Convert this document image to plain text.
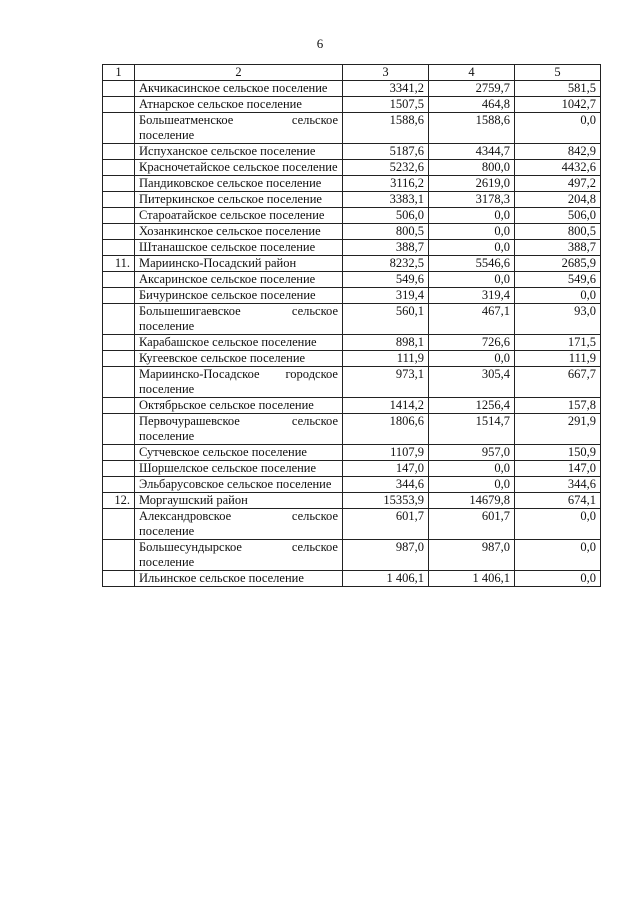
6
1	2	3	4	5
	Акчикасинское сельское поселение	3341,2	2759,7	581,5
	Атнарское сельское поселение	1507,5	464,8	1042,7
	Большеатменское сельское поселение	1588,6	1588,6	0,0
	Испуханское сельское поселение	5187,6	4344,7	842,9
	Красночетайское сельское поселение	5232,6	800,0	4432,6
	Пандиковское сельское поселение	3116,2	2619,0	497,2
	Питеркинское сельское поселение	3383,1	3178,3	204,8
	Староатайское сельское поселение	506,0	0,0	506,0
	Хозанкинское сельское поселение	800,5	0,0	800,5
	Штанашское сельское поселение	388,7	0,0	388,7
11.	Мариинско-Посадский район	8232,5	5546,6	2685,9
	Аксаринское сельское поселение	549,6	0,0	549,6
	Бичуринское сельское поселение	319,4	319,4	0,0
	Большешигаевское сельское поселение	560,1	467,1	93,0
	Карабашское сельское поселение	898,1	726,6	171,5
	Кугеевское сельское поселение	111,9	0,0	111,9
	Мариинско-Посадское городское поселение	973,1	305,4	667,7
	Октябрьское сельское поселение	1414,2	1256,4	157,8
	Первочурашевское сельское поселение	1806,6	1514,7	291,9
	Сутчевское сельское поселение	1107,9	957,0	150,9
	Шоршелское сельское поселение	147,0	0,0	147,0
	Эльбарусовское сельское поселение	344,6	0,0	344,6
12.	Моргаушский район	15353,9	14679,8	674,1
	Александровское сельское поселение	601,7	601,7	0,0
	Большесундырское сельское поселение	987,0	987,0	0,0
	Ильинское сельское поселение	1 406,1	1 406,1	0,0
